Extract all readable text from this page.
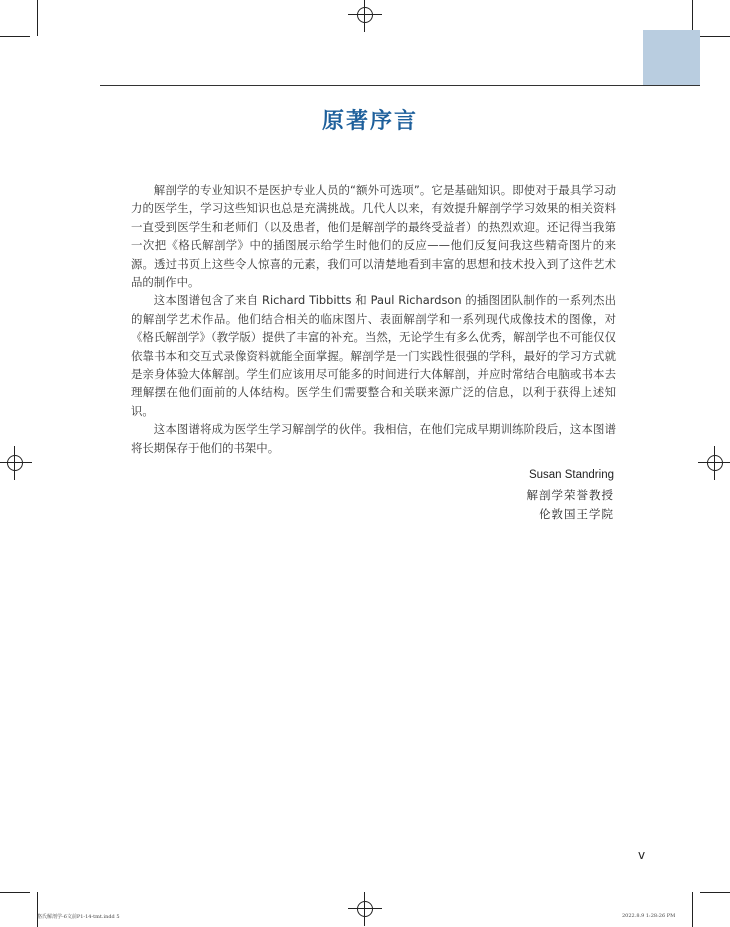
原著序言

解剖学的专业知识不是医护专业人员的“额外可选项”。它是基础知识。即使对于最具学习动力的医学生，学习这些知识也总是充满挑战。几代人以来，有效提升解剖学学习效果的相关资料一直受到医学生和老师们（以及患者，他们是解剖学的最终受益者）的热烈欢迎。还记得当我第一次把《格氏解剖学》中的插图展示给学生时他们的反应——他们反复问我这些精奇图片的来源。透过书页上这些令人惊喜的元素，我们可以清楚地看到丰富的思想和技术投入到了这件艺术品的制作中。

这本图谱包含了来自 Richard Tibbitts 和 Paul Richardson 的插图团队制作的一系列杰出的解剖学艺术作品。他们结合相关的临床图片、表面解剖学和一系列现代成像技术的图像，对《格氏解剖学》（教学版）提供了丰富的补充。当然，无论学生有多么优秀，解剖学也不可能仅仅依靠书本和交互式录像资料就能全面掌握。解剖学是一门实践性很强的学科，最好的学习方式就是亲身体验大体解剖。学生们应该用尽可能多的时间进行大体解剖，并应时常结合电脑或书本去理解摆在他们面前的人体结构。医学生们需要整合和关联来源广泛的信息，以利于获得上述知识。

这本图谱将成为医学生学习解剖学的伙伴。我相信，在他们完成早期训练阶段后，这本图谱将长期保存于他们的书架中。

Susan Standring
解剖学荣誉教授
伦敦国王学院
v
格氏解剖学-6文前P1-14-tmt.indd 5	2022.8.9 1:28:26 PM
